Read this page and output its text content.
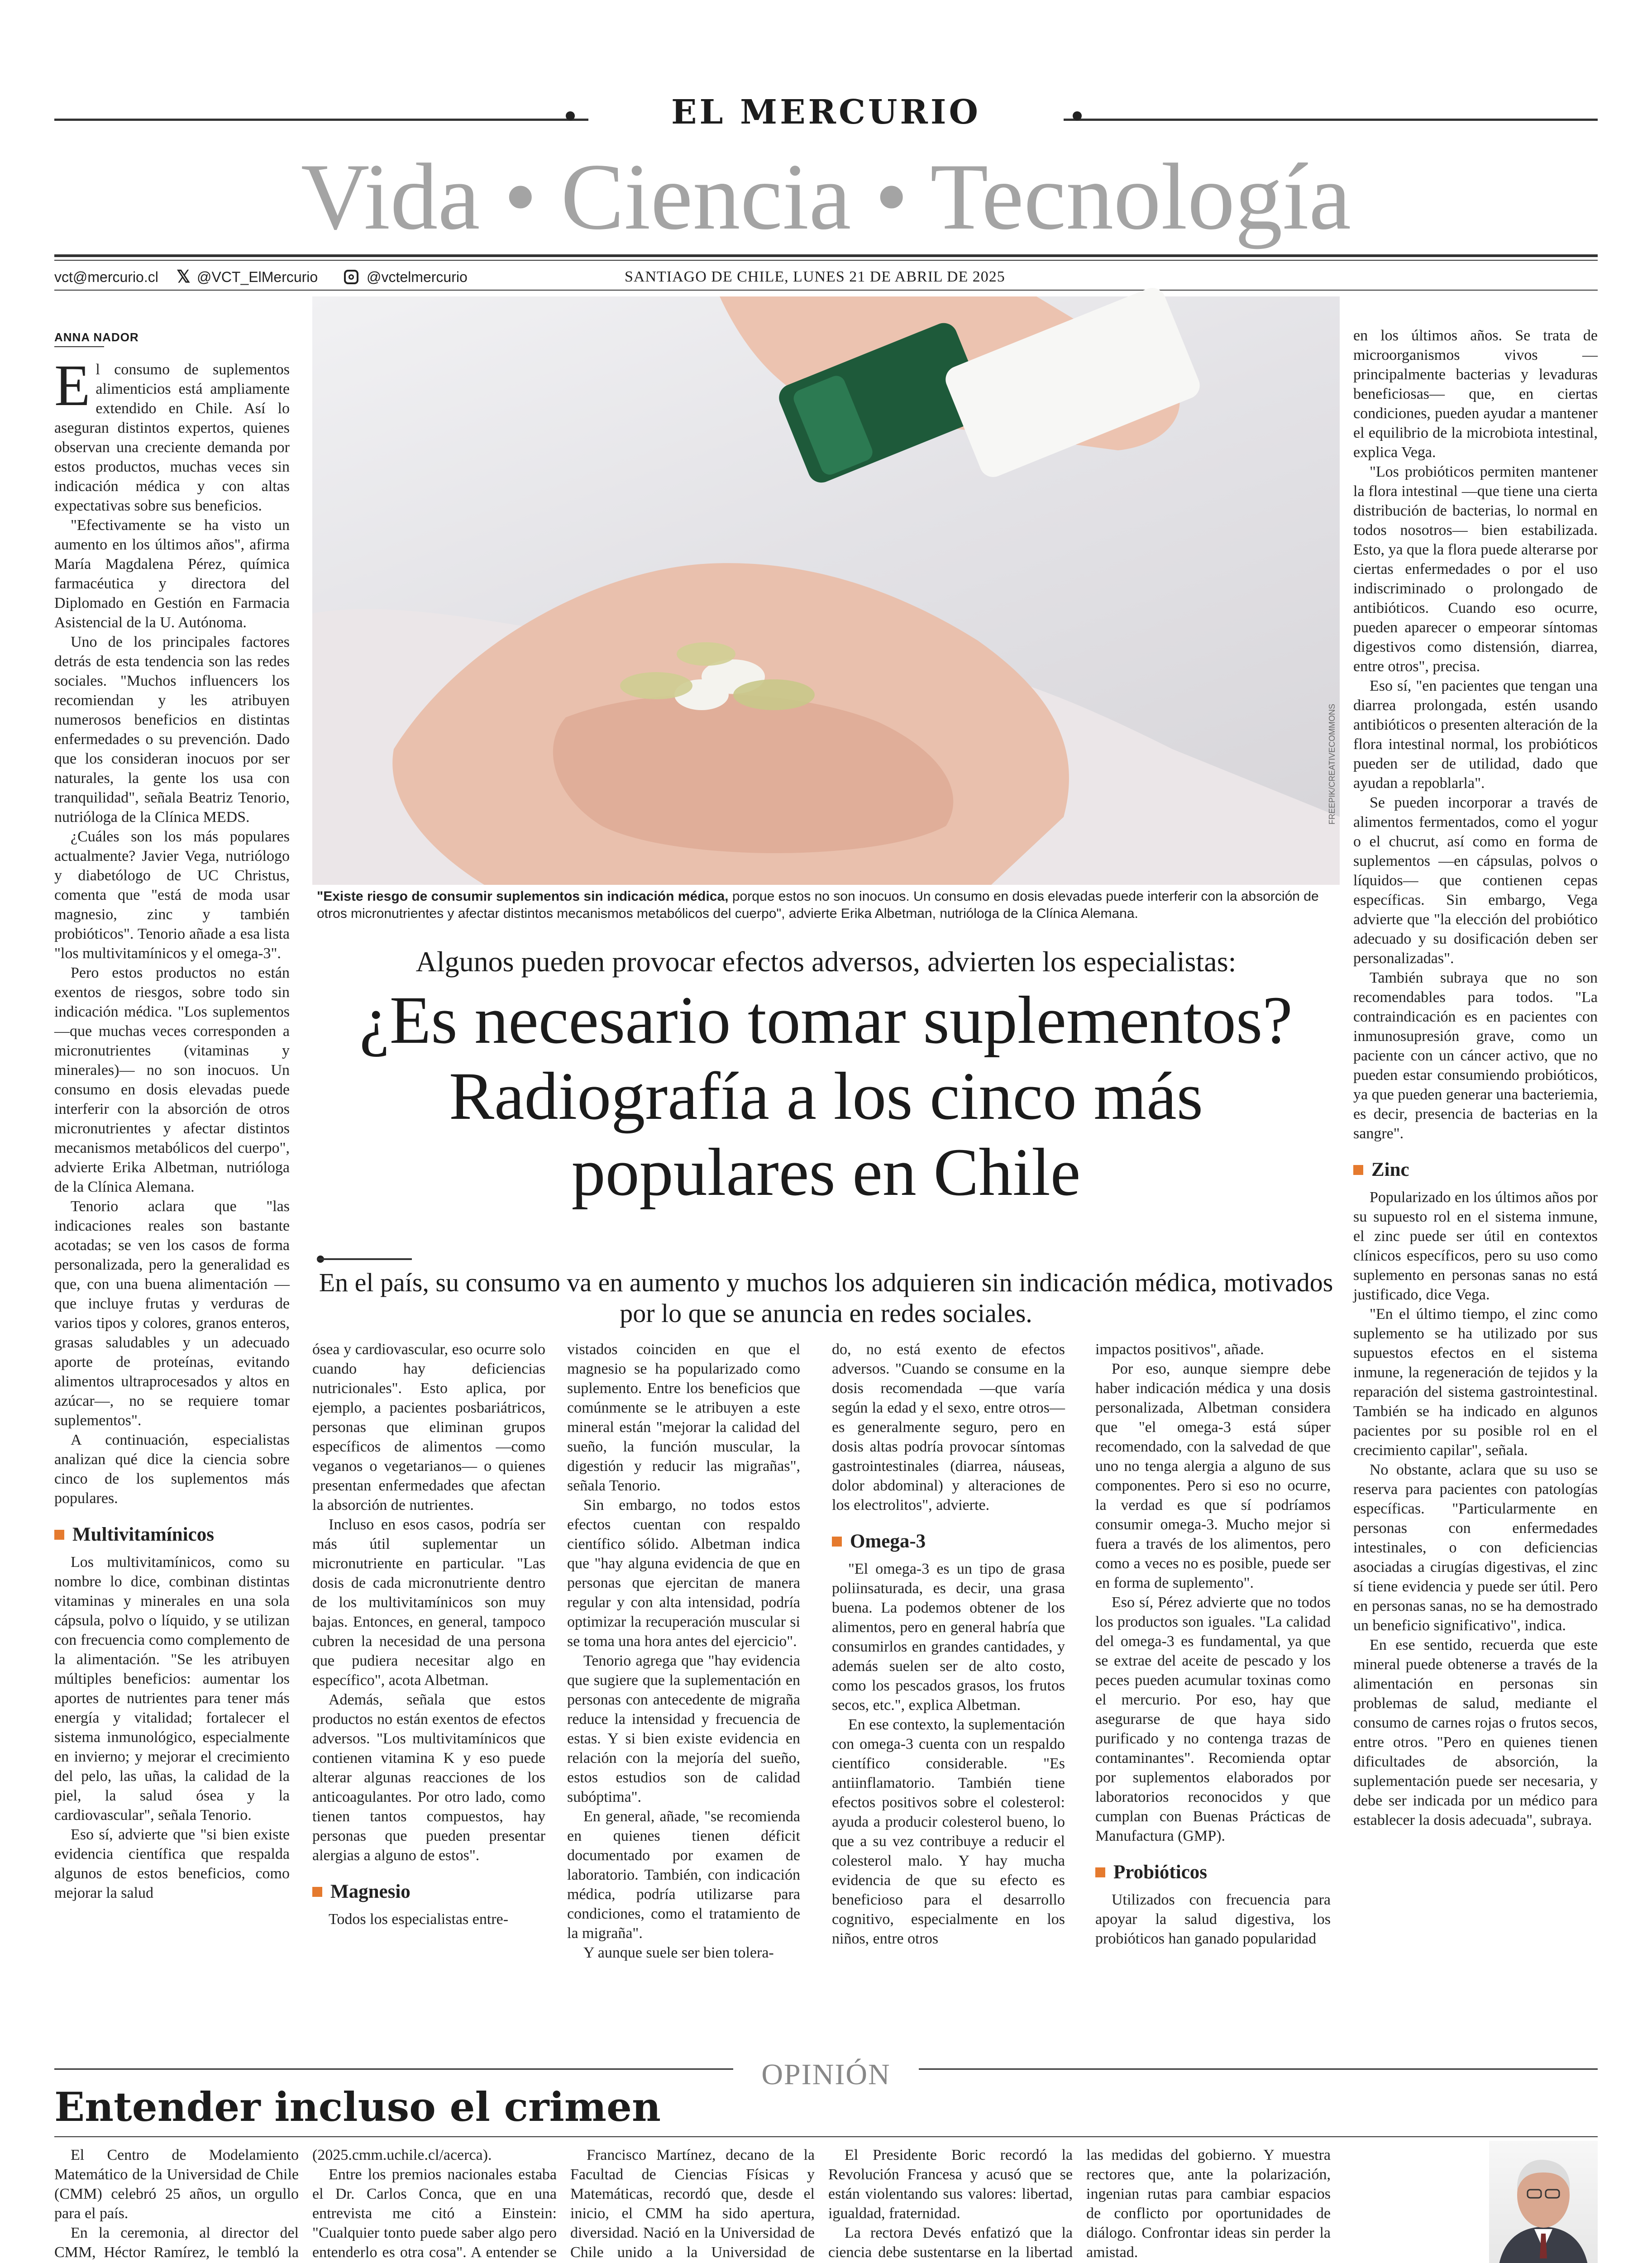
EL MERCURIO
Vida • Ciencia • Tecnología
vct@mercurio.cl 𝕏 @VCT_ElMercurio	@vctelmercurio	SANTIAGO DE CHILE, LUNES 21 DE ABRIL DE 2025
ANNA NADOR

El consumo de suplementos alimenticios está ampliamente extendido en Chile. Así lo aseguran distintos expertos, quienes observan una creciente demanda por estos productos, muchas veces sin indicación médica y con altas expectativas sobre sus beneficios.

"Efectivamente se ha visto un aumento en los últimos años", afirma María Magdalena Pérez, química farmacéutica y directora del Diplomado en Gestión en Farmacia Asistencial de la U. Autónoma.

Uno de los principales factores detrás de esta tendencia son las redes sociales. "Muchos influencers los recomiendan y les atribuyen numerosos beneficios en distintas enfermedades o su prevención. Dado que los consideran inocuos por ser naturales, la gente los usa con tranquilidad", señala Beatriz Tenorio, nutrióloga de la Clínica MEDS.

¿Cuáles son los más populares actualmente? Javier Vega, nutriólogo y diabetólogo de UC Christus, comenta que "está de moda usar magnesio, zinc y también probióticos". Tenorio añade a esa lista "los multivitamínicos y el omega-3".

Pero estos productos no están exentos de riesgos, sobre todo sin indicación médica. "Los suplementos —que muchas veces corresponden a micronutrientes (vitaminas y minerales)— no son inocuos. Un consumo en dosis elevadas puede interferir con la absorción de otros micronutrientes y afectar distintos mecanismos metabólicos del cuerpo", advierte Erika Albetman, nutrióloga de la Clínica Alemana.

Tenorio aclara que "las indicaciones reales son bastante acotadas; se ven los casos de forma personalizada, pero la generalidad es que, con una buena alimentación —que incluye frutas y verduras de varios tipos y colores, granos enteros, grasas saludables y un adecuado aporte de proteínas, evitando alimentos ultraprocesados y altos en azúcar—, no se requiere tomar suplementos".

A continuación, especialistas analizan qué dice la ciencia sobre cinco de los suplementos más populares.

Multivitamínicos

Los multivitamínicos, como su nombre lo dice, combinan distintas vitaminas y minerales en una sola cápsula, polvo o líquido, y se utilizan con frecuencia como complemento de la alimentación. "Se les atribuyen múltiples beneficios: aumentar los aportes de nutrientes para tener más energía y vitalidad; fortalecer el sistema inmunológico, especialmente en invierno; y mejorar el crecimiento del pelo, las uñas, la calidad de la piel, la salud ósea y la cardiovascular", señala Tenorio.

Eso sí, advierte que "si bien existe evidencia científica que respalda algunos de estos beneficios, como mejorar la salud

FREEPIK/CREATIVECOMMONS
"Existe riesgo de consumir suplementos sin indicación médica, porque estos no son inocuos. Un consumo en dosis elevadas puede interferir con la absorción de otros micronutrientes y afectar distintos mecanismos metabólicos del cuerpo", advierte Erika Albetman, nutrióloga de la Clínica Alemana.
Algunos pueden provocar efectos adversos, advierten los especialistas:
¿Es necesario tomar suplementos? Radiografía a los cinco más populares en Chile
En el país, su consumo va en aumento y muchos los adquieren sin indicación médica, motivados por lo que se anuncia en redes sociales.

ósea y cardiovascular, eso ocurre solo cuando hay deficiencias nutricionales". Esto aplica, por ejemplo, a pacientes posbariátricos, personas que eliminan grupos específicos de alimentos —como veganos o vegetarianos— o quienes presentan enfermedades que afectan la absorción de nutrientes.

Incluso en esos casos, podría ser más útil suplementar un micronutriente en particular. "Las dosis de cada micronutriente dentro de los multivitamínicos son muy bajas. Entonces, en general, tampoco cubren la necesidad de una persona que pudiera necesitar algo en específico", acota Albetman.

Además, señala que estos productos no están exentos de efectos adversos. "Los multivitamínicos que contienen vitamina K y eso puede alterar algunas reacciones de los anticoagulantes. Por otro lado, como tienen tantos compuestos, hay personas que pueden presentar alergias a alguno de estos".

Magnesio

Todos los especialistas entre-

vistados coinciden en que el magnesio se ha popularizado como suplemento. Entre los beneficios que comúnmente se le atribuyen a este mineral están "mejorar la calidad del sueño, la función muscular, la digestión y reducir las migrañas", señala Tenorio.

Sin embargo, no todos estos efectos cuentan con respaldo científico sólido. Albetman indica que "hay alguna evidencia de que en personas que ejercitan de manera regular y con alta intensidad, podría optimizar la recuperación muscular si se toma una hora antes del ejercicio".

Tenorio agrega que "hay evidencia que sugiere que la suplementación en personas con antecedente de migraña reduce la intensidad y frecuencia de estas. Y si bien existe evidencia en relación con la mejoría del sueño, estos estudios son de calidad subóptima".

En general, añade, "se recomienda en quienes tienen déficit documentado por examen de laboratorio. También, con indicación médica, podría utilizarse para condiciones, como el tratamiento de la migraña".

Y aunque suele ser bien tolera-

do, no está exento de efectos adversos. "Cuando se consume en la dosis recomendada —que varía según la edad y el sexo, entre otros— es generalmente seguro, pero en dosis altas podría provocar síntomas gastrointestinales (diarrea, náuseas, dolor abdominal) y alteraciones de los electrolitos", advierte.

Omega-3

"El omega-3 es un tipo de grasa poliinsaturada, es decir, una grasa buena. La podemos obtener de los alimentos, pero en general habría que consumirlos en grandes cantidades, y además suelen ser de alto costo, como los pescados grasos, los frutos secos, etc.", explica Albetman.

En ese contexto, la suplementación con omega-3 cuenta con un respaldo científico considerable. "Es antiinflamatorio. También tiene efectos positivos sobre el colesterol: ayuda a producir colesterol bueno, lo que a su vez contribuye a reducir el colesterol malo. Y hay mucha evidencia de que su efecto es beneficioso para el desarrollo cognitivo, especialmente en los niños, entre otros

impactos positivos", añade.

Por eso, aunque siempre debe haber indicación médica y una dosis personalizada, Albetman considera que "el omega-3 está súper recomendado, con la salvedad de que uno no tenga alergia a alguno de sus componentes. Pero si eso no ocurre, la verdad es que sí podríamos consumir omega-3. Mucho mejor si fuera a través de los alimentos, pero como a veces no es posible, puede ser en forma de suplemento".

Eso sí, Pérez advierte que no todos los productos son iguales. "La calidad del omega-3 es fundamental, ya que se extrae del aceite de pescado y los peces pueden acumular toxinas como el mercurio. Por eso, hay que asegurarse de que haya sido purificado y no contenga trazas de contaminantes". Recomienda optar por suplementos elaborados por laboratorios reconocidos y que cumplan con Buenas Prácticas de Manufactura (GMP).

Probióticos

Utilizados con frecuencia para apoyar la salud digestiva, los probióticos han ganado popularidad

en los últimos años. Se trata de microorganismos vivos —principalmente bacterias y levaduras beneficiosas— que, en ciertas condiciones, pueden ayudar a mantener el equilibrio de la microbiota intestinal, explica Vega.

"Los probióticos permiten mantener la flora intestinal —que tiene una cierta distribución de bacterias, lo normal en todos nosotros— bien estabilizada. Esto, ya que la flora puede alterarse por ciertas enfermedades o por el uso indiscriminado o prolongado de antibióticos. Cuando eso ocurre, pueden aparecer o empeorar síntomas digestivos como distensión, diarrea, entre otros", precisa.

Eso sí, "en pacientes que tengan una diarrea prolongada, estén usando antibióticos o presenten alteración de la flora intestinal normal, los probióticos pueden ser de utilidad, dado que ayudan a repoblarla".

Se pueden incorporar a través de alimentos fermentados, como el yogur o el chucrut, así como en forma de suplementos —en cápsulas, polvos o líquidos— que contienen cepas específicas. Sin embargo, Vega advierte que "la elección del probiótico adecuado y su dosificación deben ser personalizadas".

También subraya que no son recomendables para todos. "La contraindicación es en pacientes con inmunosupresión grave, como un paciente con un cáncer activo, que no pueden estar consumiendo probióticos, ya que pueden generar una bacteriemia, es decir, presencia de bacterias en la sangre".

Zinc

Popularizado en los últimos años por su supuesto rol en el sistema inmune, el zinc puede ser útil en contextos clínicos específicos, pero su uso como suplemento en personas sanas no está justificado, dice Vega.

"En el último tiempo, el zinc como suplemento se ha utilizado por sus supuestos efectos en el sistema inmune, la regeneración de tejidos y la reparación del sistema gastrointestinal. También se ha indicado en algunos pacientes por su posible rol en el crecimiento capilar", señala.

No obstante, aclara que su uso se reserva para pacientes con patologías específicas. "Particularmente en personas con enfermedades intestinales, o con deficiencias asociadas a cirugías digestivas, el zinc sí tiene evidencia y puede ser útil. Pero en personas sanas, no se ha demostrado un beneficio significativo", indica.

En ese sentido, recuerda que este mineral puede obtenerse a través de la alimentación en personas sin problemas de salud, mediante el consumo de carnes rojas o frutos secos, entre otros. "Pero en quienes tienen dificultades de absorción, la suplementación puede ser necesaria, y debe ser indicada por un médico para establecer la dosis adecuada", subraya.

OPINIÓN
Entender incluso el crimen

El Centro de Modelamiento Matemático de la Universidad de Chile (CMM) celebró 25 años, un orgullo para el país.

En la ceremonia, al director del CMM, Héctor Ramírez, le tembló la

(2025.cmm.uchile.cl/acerca).

Entre los premios nacionales estaba el Dr. Carlos Conca, que en una entrevista me citó a Einstein: "Cualquier tonto puede saber algo pero entenderlo es otra cosa". A entender se

Francisco Martínez, decano de la Facultad de Ciencias Físicas y Matemáticas, recordó que, desde el inicio, el CMM ha sido apertura, diversidad. Nació en la Universidad de Chile unido a la Universidad de

El Presidente Boric recordó la Revolución Francesa y acusó que se están violentando sus valores: libertad, igualdad, fraternidad.

La rectora Devés enfatizó que la ciencia debe sustentarse en la libertad

las medidas del gobierno. Y muestra rectores que, ante la polarización, ingenian rutas para cambiar espacios de conflicto por oportunidades de diálogo. Confrontar ideas sin perder la amistad.
